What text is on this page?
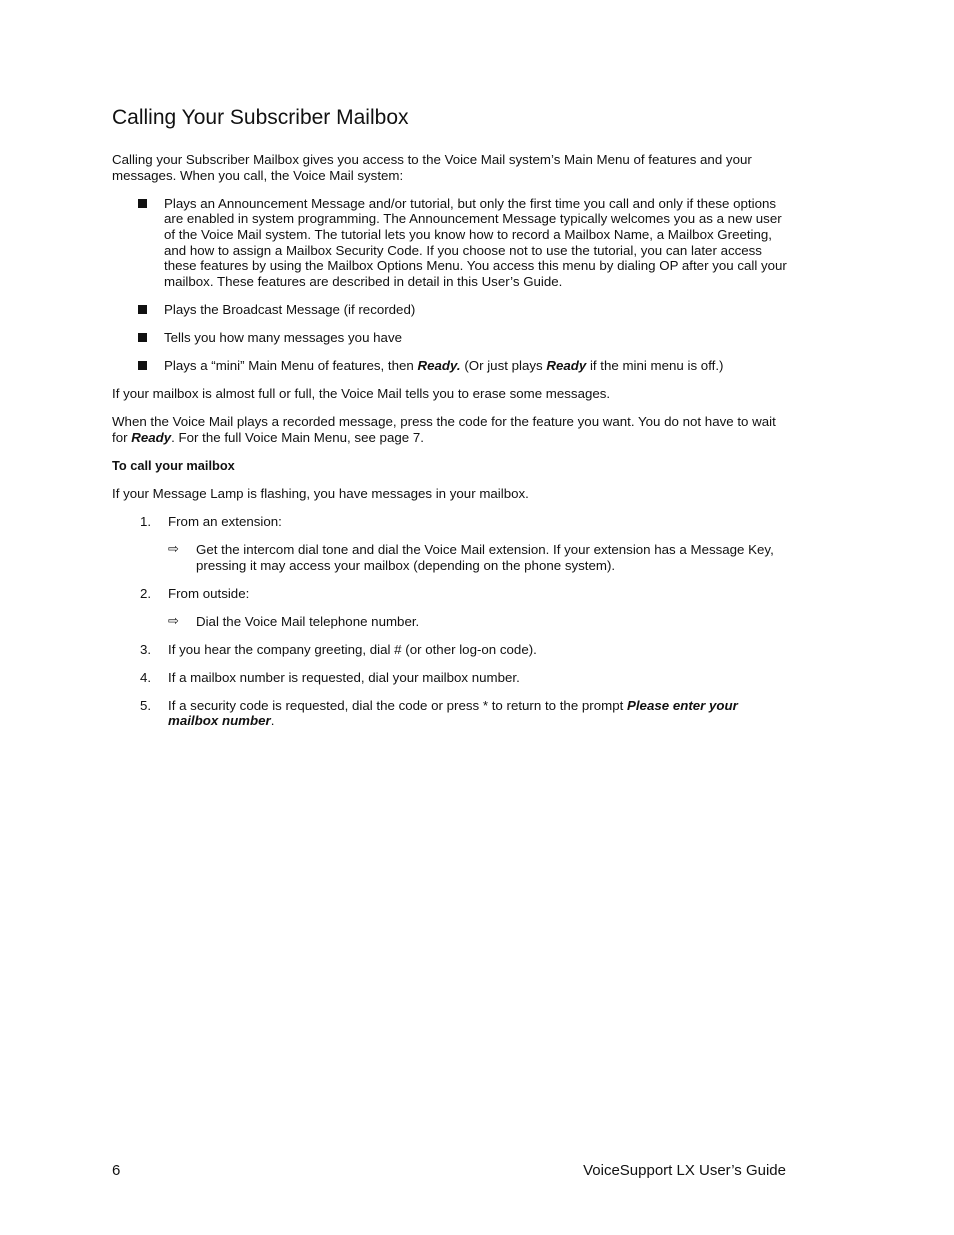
Calling Your Subscriber Mailbox

Calling your Subscriber Mailbox gives you access to the Voice Mail system’s Main Menu of features and your messages. When you call, the Voice Mail system:

Plays an Announcement Message and/or tutorial, but only the first time you call and only if these options are enabled in system programming. The Announcement Message typically welcomes you as a new user of the Voice Mail system. The tutorial lets you know how to record a Mailbox Name, a Mailbox Greeting, and how to assign a Mailbox Security Code. If you choose not to use the tutorial, you can later access these features by using the Mailbox Options Menu. You access this menu by dialing OP after you call your mailbox. These features are described in detail in this User’s Guide.
Plays the Broadcast Message (if recorded)
Tells you how many messages you have
Plays a “mini” Main Menu of features, then Ready. (Or just plays Ready if the mini menu is off.)

If your mailbox is almost full or full, the Voice Mail tells you to erase some messages.

When the Voice Mail plays a recorded message, press the code for the feature you want. You do not have to wait for Ready. For the full Voice Main Menu, see page 7.

To call your mailbox

If your Message Lamp is flashing, you have messages in your mailbox.

1. From an extension:
⇨ Get the intercom dial tone and dial the Voice Mail extension. If your extension has a Message Key, pressing it may access your mailbox (depending on the phone system).
2. From outside:
⇨ Dial the Voice Mail telephone number.
3. If you hear the company greeting, dial # (or other log-on code).
4. If a mailbox number is requested, dial your mailbox number.
5. If a security code is requested, dial the code or press * to return to the prompt Please enter your mailbox number.
6	VoiceSupport LX User’s Guide
